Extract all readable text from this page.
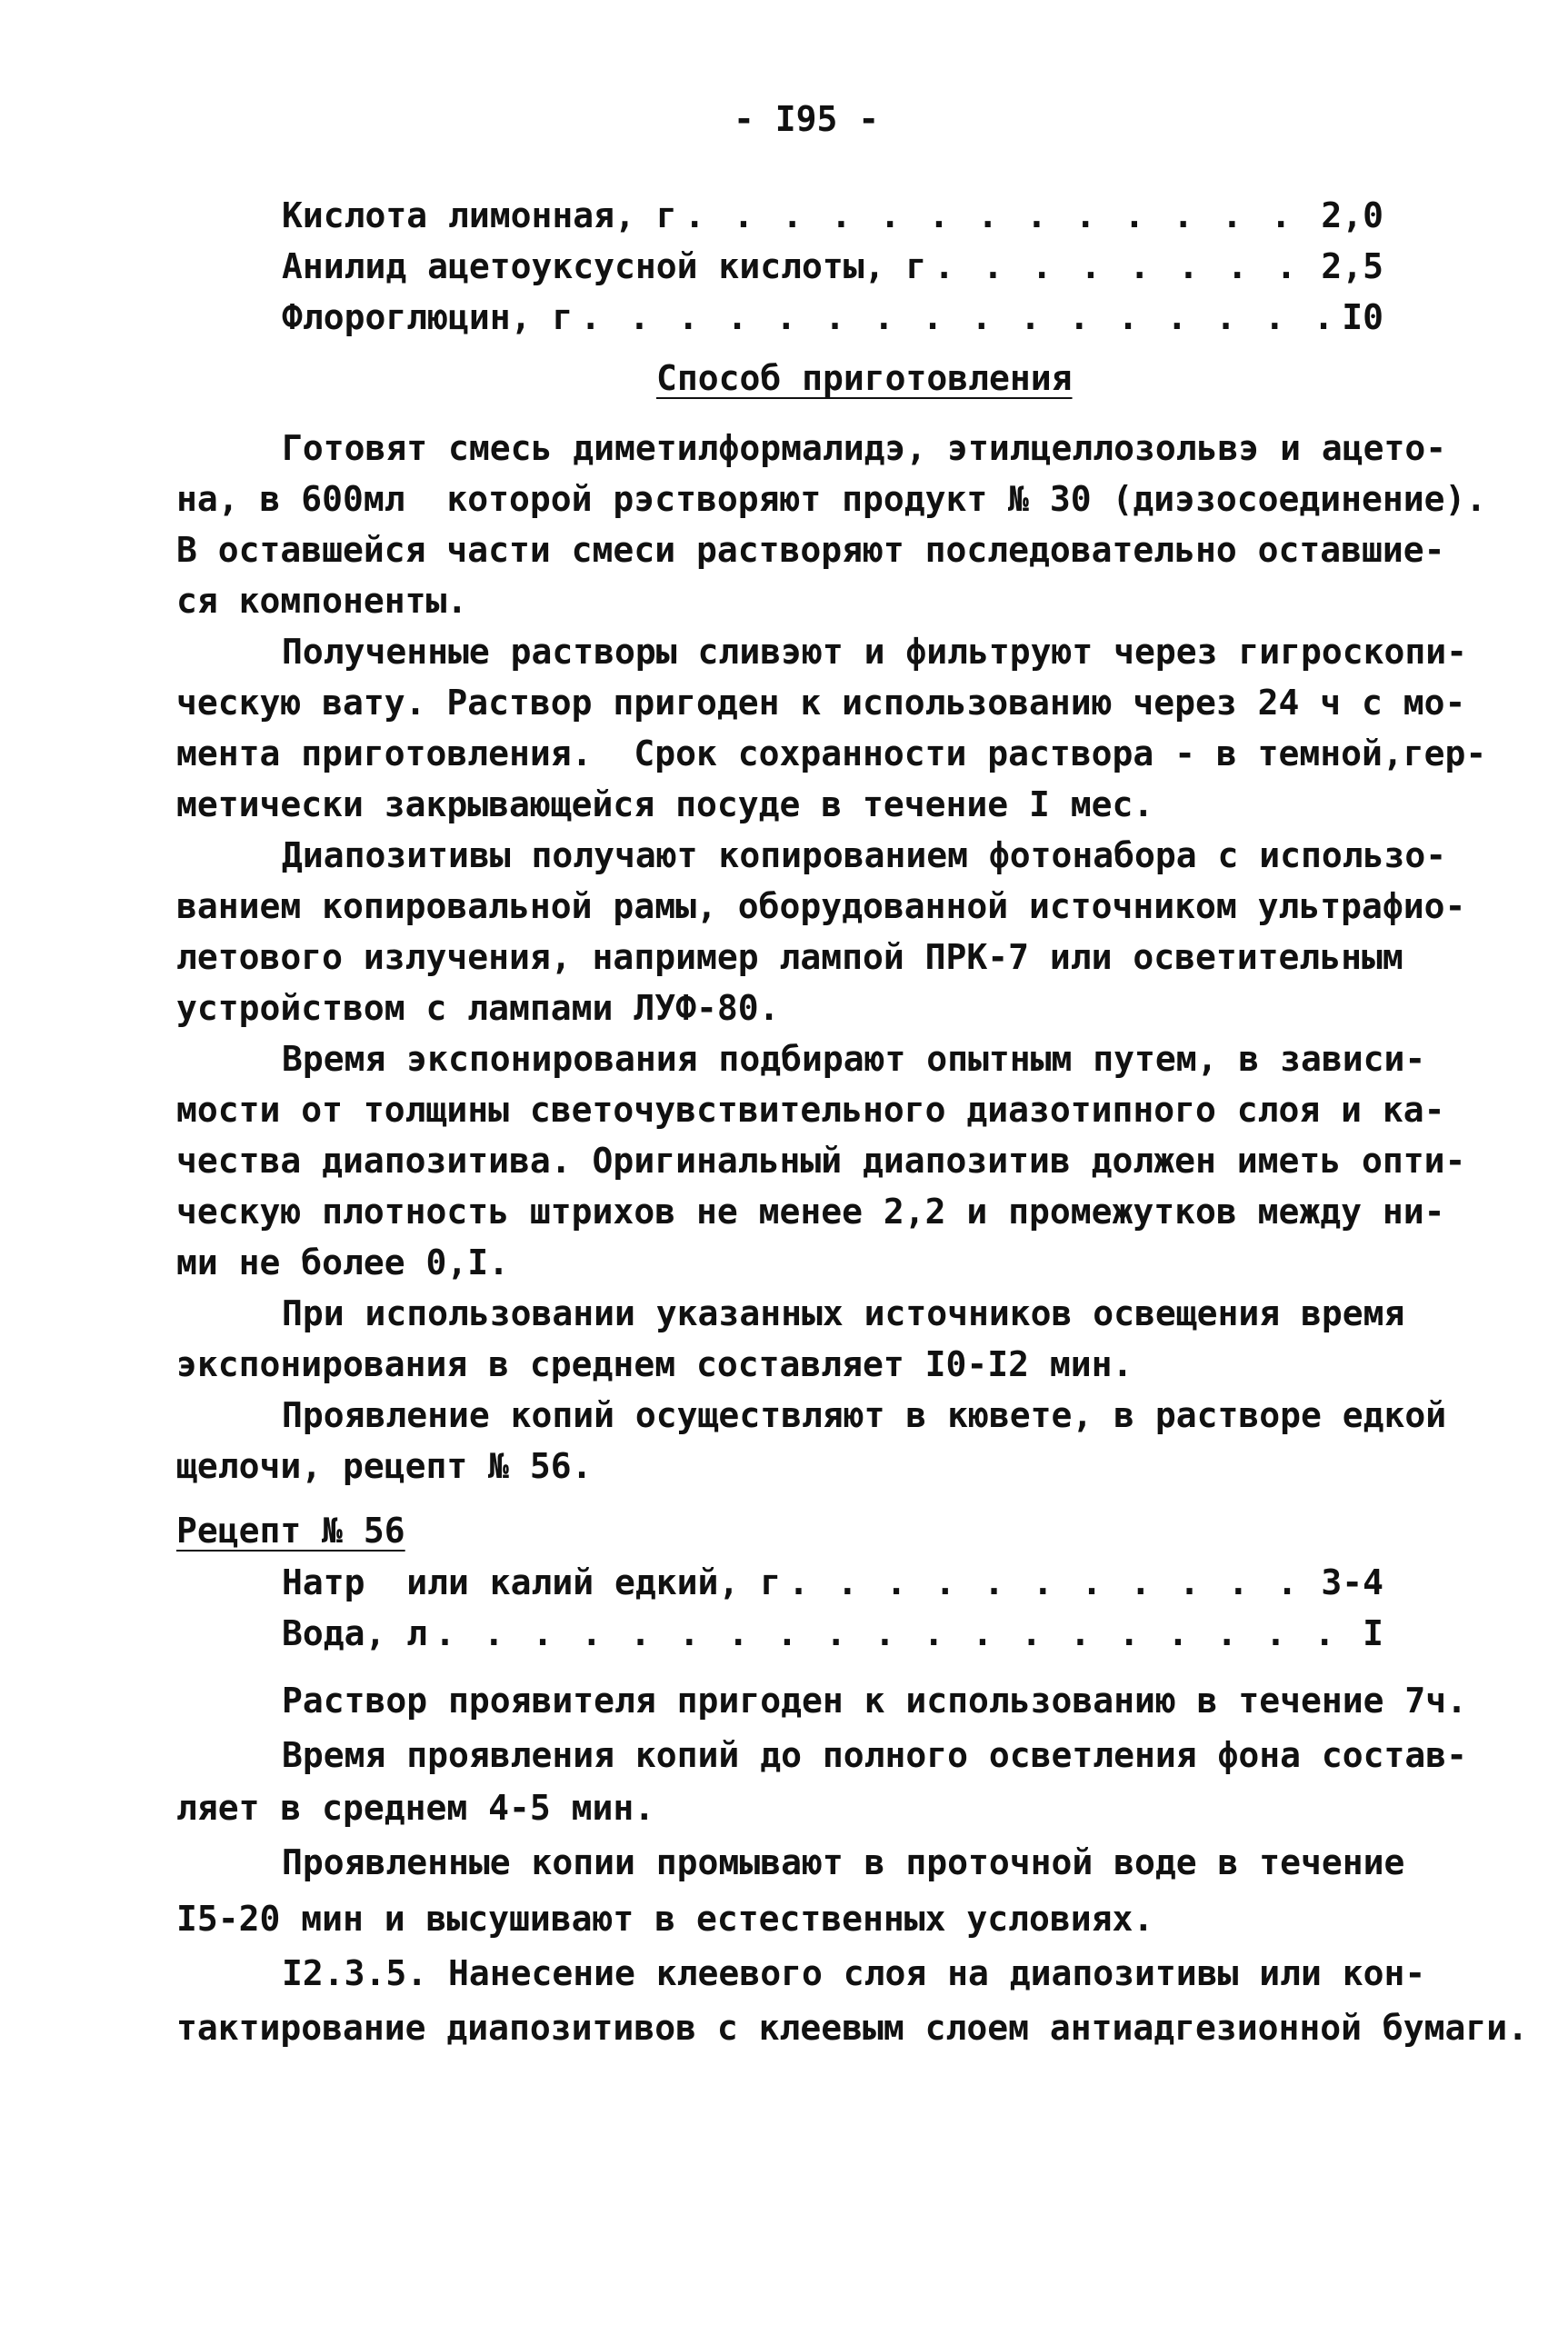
- I95 -
Кислота лимонная, г . . .	2,0
Анилид ацетоуксусной кислоты, г . . .	2,5
Флороглюцин, г . . .	I0
Способ приготовления
Готовят смесь диметилформалидэ, этилцеллозольвэ и ацето-
на, в 600мл  которой рэстворяют продукт № 30 (диэзосоединение).
В оставшейся части смеси растворяют последовательно оставшие-
ся компоненты.
Полученные растворы сливэют и фильтруют через гигроскопи-
ческую вату. Раствор пригоден к использованию через 24 ч с мо-
мента приготовления.  Срок сохранности раствора - в темной,гер-
метически закрывающейся посуде в течение I мес.
Диапозитивы получают копированием фотонабора с использо-
ванием копировальной рамы, оборудованной источником ультрафио-
летового излучения, например лампой ПРК-7 или осветительным
устройством с лампами ЛУФ-80.
Время экспонирования подбирают опытным путем, в зависи-
мости от толщины светочувствительного диазотипного слоя и ка-
чества диапозитива. Оригинальный диапозитив должен иметь опти-
ческую плотность штрихов не менее 2,2 и промежутков между ни-
ми не более 0,I.
При использовании указанных источников освещения время
экспонирования в среднем составляет I0-I2 мин.
Проявление копий осуществляют в кювете, в растворе едкой
щелочи, рецепт № 56.
Рецепт № 56
Натр  или калий едкий, г . . .	3-4
Вода, л . . .	I
Раствор проявителя пригоден к использованию в течение 7ч.
Время проявления копий до полного осветления фона состав-
ляет в среднем 4-5 мин.
Проявленные копии промывают в проточной воде в течение
I5-20 мин и высушивают в естественных условиях.
I2.3.5. Нанесение клеевого слоя на диапозитивы или кон-
тактирование диапозитивов с клеевым слоем антиадгезионной бумаги.
